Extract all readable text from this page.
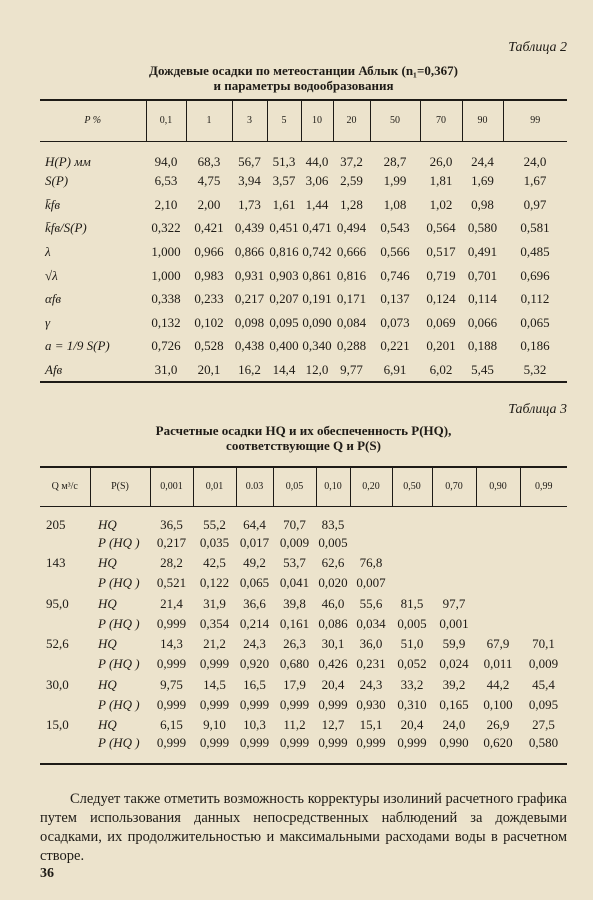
Таблица 2
Дождевые осадки по метеостанции Аблык (n₁=0,367)
и параметры водообразования
P %	0,1	1	3	5	10	20	50	70	90	99
H(P) мм	94,0	68,3	56,7	51,3	44,0	37,2	28,7	26,0	24,4	24,0
S(P)	6,53	4,75	3,94	3,57	3,06	2,59	1,99	1,81	1,69	1,67
k̄fв	2,10	2,00	1,73	1,61	1,44	1,28	1,08	1,02	0,98	0,97
k̄fв/S(P)	0,322	0,421	0,439	0,451	0,471	0,494	0,543	0,564	0,580	0,581
λ	1,000	0,966	0,866	0,816	0,742	0,666	0,566	0,517	0,491	0,485
√λ	1,000	0,983	0,931	0,903	0,861	0,816	0,746	0,719	0,701	0,696
αfв	0,338	0,233	0,217	0,207	0,191	0,171	0,137	0,124	0,114	0,112
γ	0,132	0,102	0,098	0,095	0,090	0,084	0,073	0,069	0,066	0,065
a = 1/9 S(P)	0,726	0,528	0,438	0,400	0,340	0,288	0,221	0,201	0,188	0,186
Afв	31,0	20,1	16,2	14,4	12,0	9,77	6,91	6,02	5,45	5,32
Таблица 3
Расчетные осадки HQ и их обеспеченность P(HQ),
соответствующие Q и P(S)
Q м³/с	P(S)	0,001	0,01	0.03	0,05	0,10	0,20	0,50	0,70	0,90	0,99
205	HQ	36,5	55,2	64,4	70,7	83,5					
	P (HQ )	0,217	0,035	0,017	0,009	0,005					
143	HQ	28,2	42,5	49,2	53,7	62,6	76,8				
	P (HQ )	0,521	0,122	0,065	0,041	0,020	0,007				
95,0	HQ	21,4	31,9	36,6	39,8	46,0	55,6	81,5	97,7		
	P (HQ )	0,999	0,354	0,214	0,161	0,086	0,034	0,005	0,001		
52,6	HQ	14,3	21,2	24,3	26,3	30,1	36,0	51,0	59,9	67,9	70,1
	P (HQ )	0,999	0,999	0,920	0,680	0,426	0,231	0,052	0,024	0,011	0,009
30,0	HQ	9,75	14,5	16,5	17,9	20,4	24,3	33,2	39,2	44,2	45,4
	P (HQ )	0,999	0,999	0,999	0,999	0,999	0,930	0,310	0,165	0,100	0,095
15,0	HQ	6,15	9,10	10,3	11,2	12,7	15,1	20,4	24,0	26,9	27,5
	P (HQ )	0,999	0,999	0,999	0,999	0,999	0,999	0,999	0,990	0,620	0,580

Следует также отметить возможность корректуры изолиний расчетного графика путем использования данных непосредственных наблюдений за дождевыми осадками, их продолжительностью и максимальными расходами воды в расчетном створе.

36
